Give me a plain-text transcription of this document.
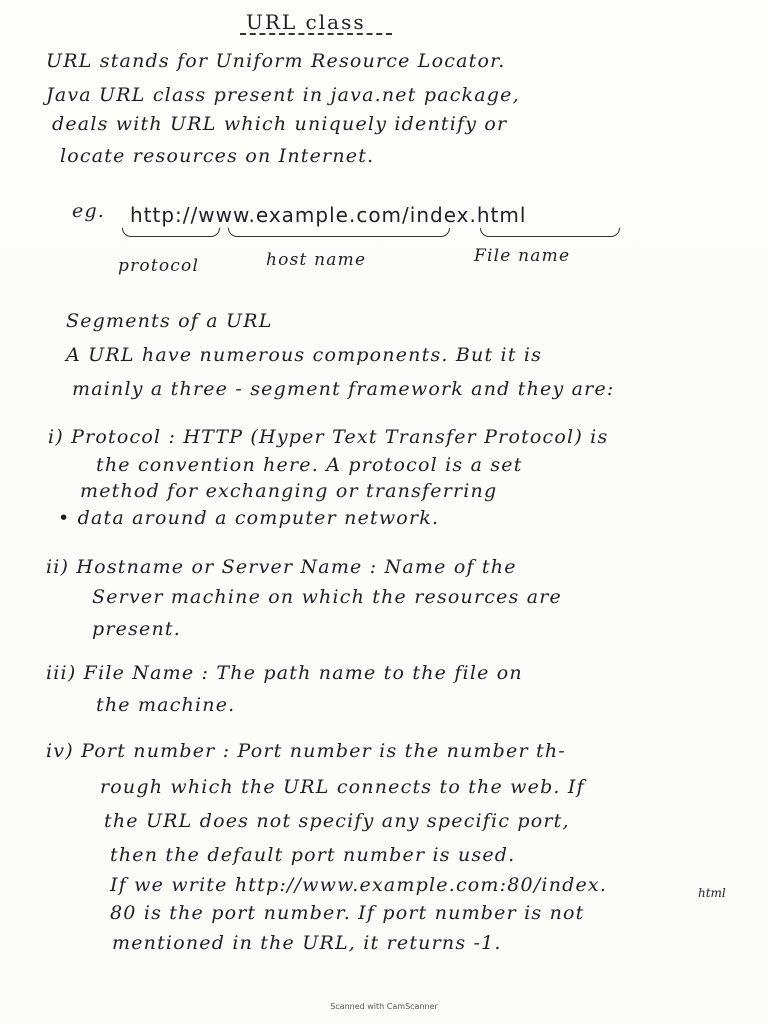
URL class
URL stands for Uniform Resource Locator.
Java URL class present in java.net package,
deals with URL which uniquely identify or
locate resources on Internet.
eg.	http://www.example.com/index.html
protocol	host name	File name
Segments of a URL
A URL have numerous components. But it is
mainly a three - segment framework and they are:
i) Protocol : HTTP (Hyper Text Transfer Protocol) is
the convention here. A protocol is a set
method for exchanging or transferring
• data around a computer network.
ii) Hostname or Server Name : Name of the
Server machine on which the resources are
present.
iii) File Name : The path name to the file on
the machine.
iv) Port number : Port number is the number th-
rough which the URL connects to the web. If
the URL does not specify any specific port,
then the default port number is used.
If we write http://www.example.com:80/index.	html
80 is the port number. If port number is not
mentioned in the URL, it returns -1.
Scanned with CamScanner
